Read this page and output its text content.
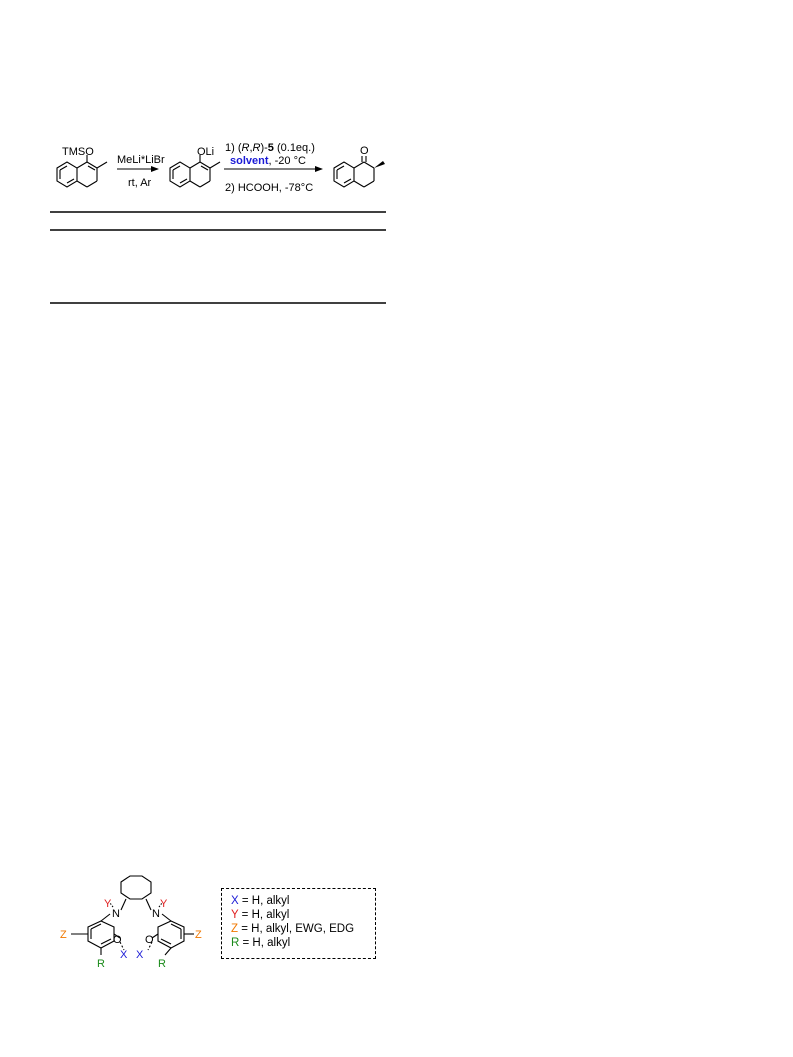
TMSO
MeLi*LiBr
rt, Ar
OLi 1) (R,R)-5 (0.1eq.)
solvent, -20 °C
2) HCOOH, -78°C
O
N	N
Y	Y
O O
X X
Z	Z
R	R
X = H, alkyl
Y = H, alkyl
Z = H, alkyl, EWG, EDG
R = H, alkyl
